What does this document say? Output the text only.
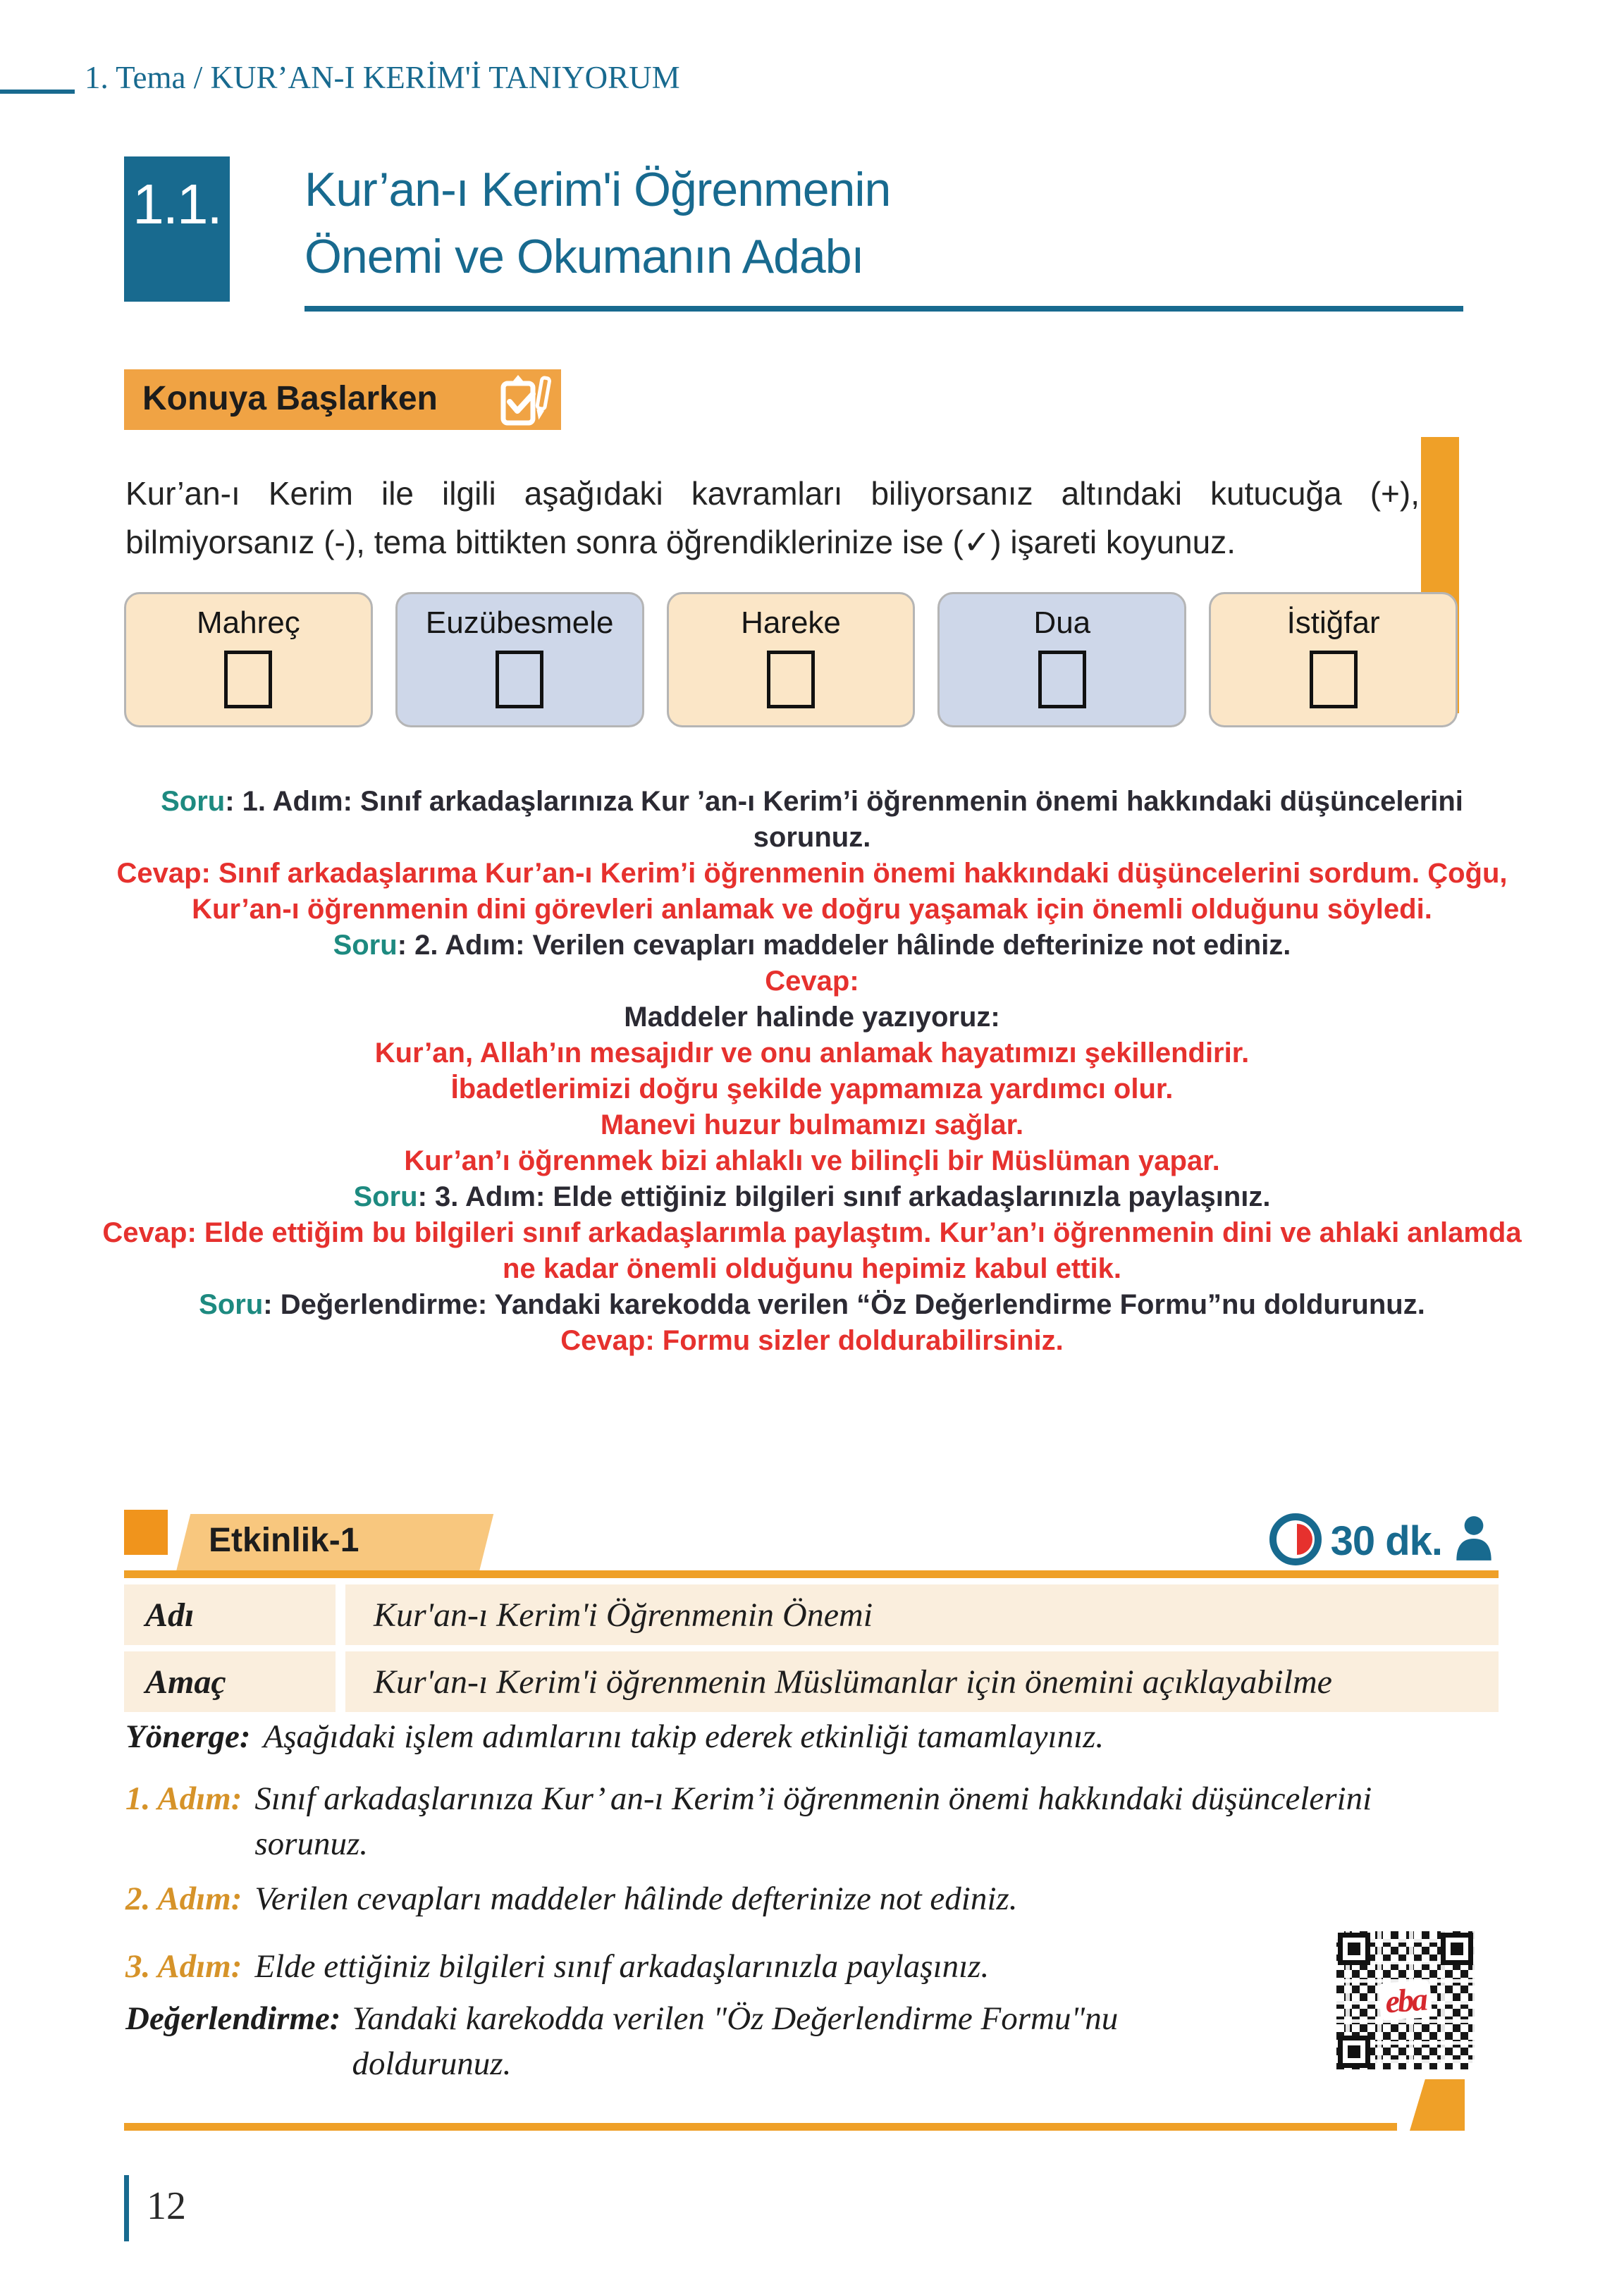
1. Tema / KUR’AN-I KERİM'İ TANIYORUM
1.1. Kur’an-ı Kerim'i Öğrenmenin
Önemi ve Okumanın Adabı
Konuya Başlarken

Kur’an-ı Kerim ile ilgili aşağıdaki kavramları biliyorsanız altındaki kutucuğa (+), bilmiyorsanız (-), tema bittikten sonra öğrendiklerinize ise (✓) işareti koyunuz.

Mahreç	Euzübesmele	Hareke	Dua	İstiğfar

Soru: 1. Adım: Sınıf arkadaşlarınıza Kur ’an-ı Kerim’i öğrenmenin önemi hakkındaki düşüncelerini sorunuz.

Cevap: Sınıf arkadaşlarıma Kur’an-ı Kerim’i öğrenmenin önemi hakkındaki düşüncelerini sordum. Çoğu, Kur’an-ı öğrenmenin dini görevleri anlamak ve doğru yaşamak için önemli olduğunu söyledi.

Soru: 2. Adım: Verilen cevapları maddeler hâlinde defterinize not ediniz.

Cevap:

Maddeler halinde yazıyoruz:

Kur’an, Allah’ın mesajıdır ve onu anlamak hayatımızı şekillendirir.

İbadetlerimizi doğru şekilde yapmamıza yardımcı olur.

Manevi huzur bulmamızı sağlar.

Kur’an’ı öğrenmek bizi ahlaklı ve bilinçli bir Müslüman yapar.

Soru: 3. Adım: Elde ettiğiniz bilgileri sınıf arkadaşlarınızla paylaşınız.

Cevap: Elde ettiğim bu bilgileri sınıf arkadaşlarımla paylaştım. Kur’an’ı öğrenmenin dini ve ahlaki anlamda ne kadar önemli olduğunu hepimiz kabul ettik.

Soru: Değerlendirme: Yandaki karekodda verilen “Öz Değerlendirme Formu”nu doldurunuz.

Cevap: Formu sizler doldurabilirsiniz.

Etkinlik-1	30 dk.
Adı	Kur'an-ı Kerim'i Öğrenmenin Önemi
Amaç	Kur'an-ı Kerim'i öğrenmenin Müslümanlar için önemini açıklayabilme
Yönerge: Aşağıdaki işlem adımlarını takip ederek etkinliği tamamlayınız.
1. Adım: Sınıf arkadaşlarınıza Kur’ an-ı Kerim’i öğrenmenin önemi hakkındaki düşüncelerini sorunuz.
2. Adım: Verilen cevapları maddeler hâlinde defterinize not ediniz.
3. Adım: Elde ettiğiniz bilgileri sınıf arkadaşlarınızla paylaşınız.
Değerlendirme: Yandaki karekodda verilen "Öz Değerlendirme Formu"nu doldurunuz.
eba
12
